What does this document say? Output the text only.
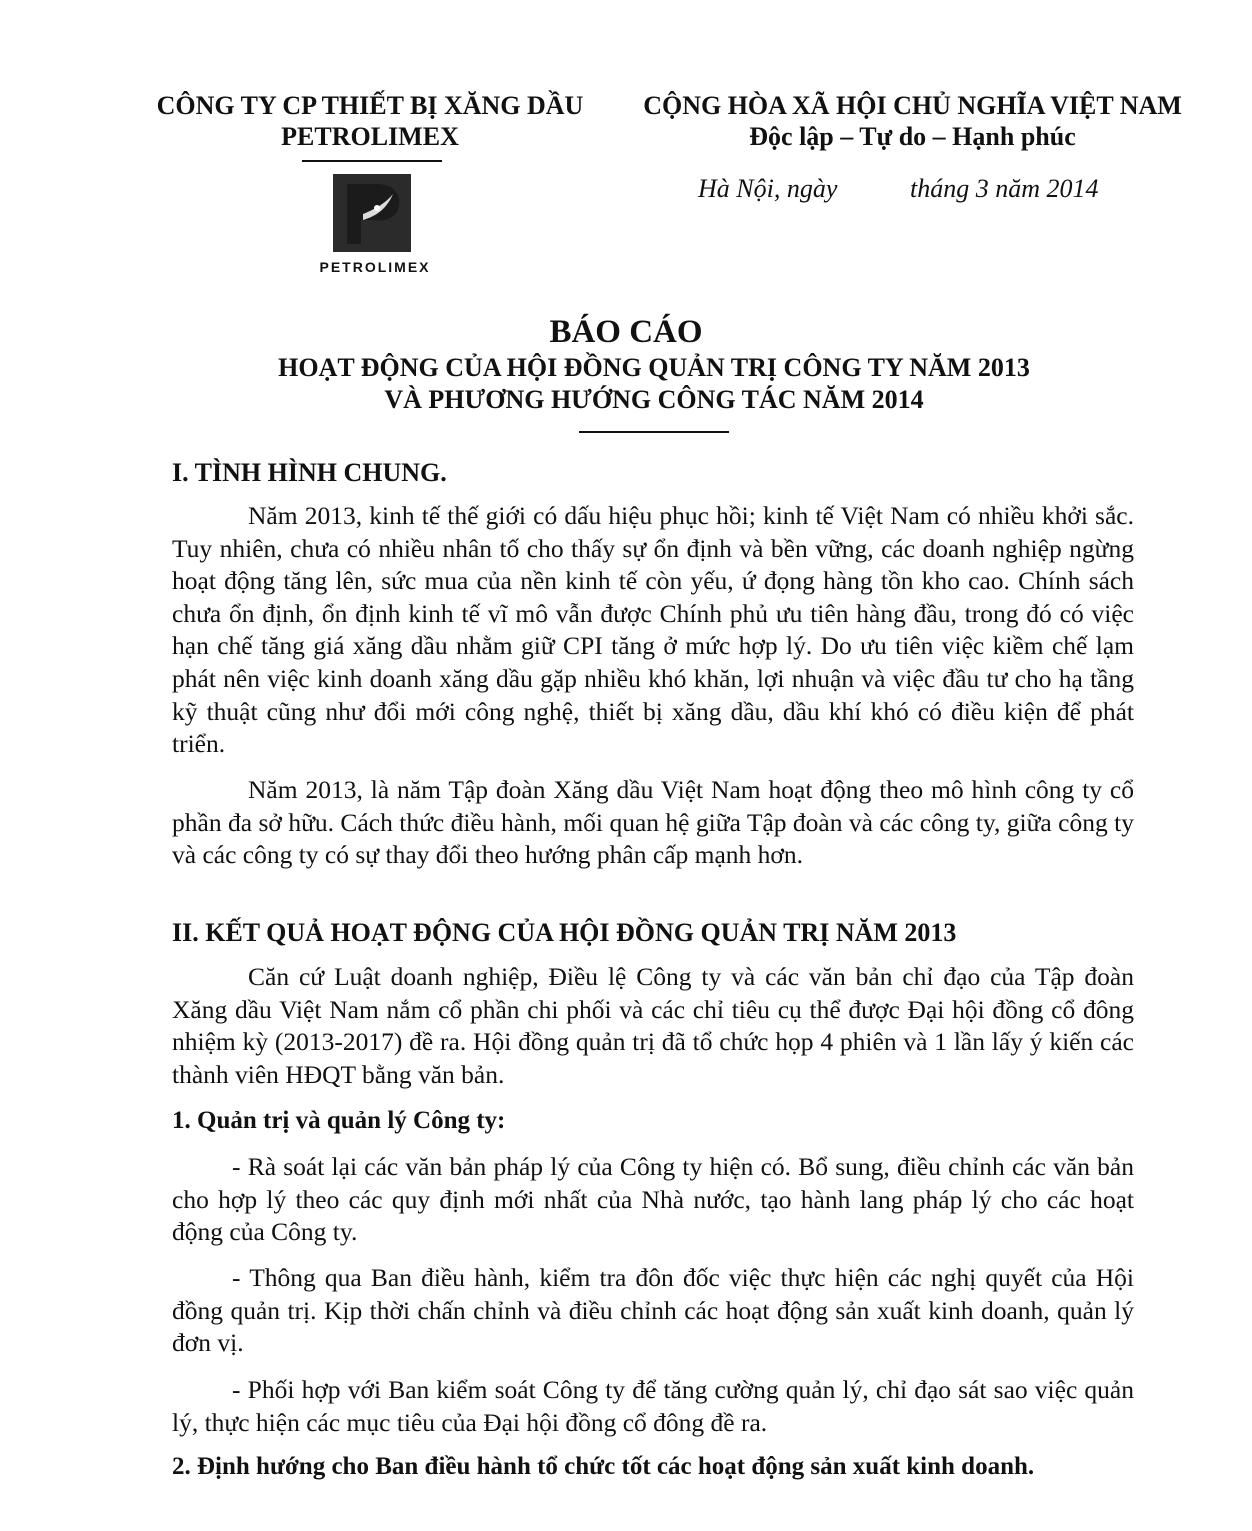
CÔNG TY CP THIẾT BỊ XĂNG DẦU
PETROLIMEX
PETROLIMEX
CỘNG HÒA XÃ HỘI CHỦ NGHĨA VIỆT NAM
Độc lập – Tự do – Hạnh phúc
Hà Nội, ngày	tháng 3 năm 2014
BÁO CÁO
HOẠT ĐỘNG CỦA HỘI ĐỒNG QUẢN TRỊ CÔNG TY NĂM 2013
VÀ PHƯƠNG HƯỚNG CÔNG TÁC NĂM 2014
I. TÌNH HÌNH CHUNG.
Năm 2013, kinh tế thế giới có dấu hiệu phục hồi; kinh tế Việt Nam có nhiều khởi sắc. Tuy nhiên, chưa có nhiều nhân tố cho thấy sự ổn định và bền vững, các doanh nghiệp ngừng hoạt động tăng lên, sức mua của nền kinh tế còn yếu, ứ đọng hàng tồn kho cao. Chính sách chưa ổn định, ổn định kinh tế vĩ mô vẫn được Chính phủ ưu tiên hàng đầu, trong đó có việc hạn chế tăng giá xăng dầu nhằm giữ CPI tăng ở mức hợp lý. Do ưu tiên việc kiềm chế lạm phát nên việc kinh doanh xăng dầu gặp nhiều khó khăn, lợi nhuận và việc đầu tư cho hạ tầng kỹ thuật cũng như đổi mới công nghệ, thiết bị xăng dầu, dầu khí khó có điều kiện để phát triển.
Năm 2013, là năm Tập đoàn Xăng dầu Việt Nam hoạt động theo mô hình công ty cổ phần đa sở hữu. Cách thức điều hành, mối quan hệ giữa Tập đoàn và các công ty, giữa công ty và các công ty có sự thay đổi theo hướng phân cấp mạnh hơn.
II. KẾT QUẢ HOẠT ĐỘNG CỦA HỘI ĐỒNG QUẢN TRỊ NĂM 2013
Căn cứ Luật doanh nghiệp, Điều lệ Công ty và các văn bản chỉ đạo của Tập đoàn Xăng dầu Việt Nam nắm cổ phần chi phối và các chỉ tiêu cụ thể được Đại hội đồng cổ đông nhiệm kỳ (2013-2017) đề ra. Hội đồng quản trị đã tổ chức họp 4 phiên và 1 lần lấy ý kiến các thành viên HĐQT bằng văn bản.
1. Quản trị và quản lý Công ty:
- Rà soát lại các văn bản pháp lý của Công ty hiện có. Bổ sung, điều chỉnh các văn bản cho hợp lý theo các quy định mới nhất của Nhà nước, tạo hành lang pháp lý cho các hoạt động của Công ty.
- Thông qua Ban điều hành, kiểm tra đôn đốc việc thực hiện các nghị quyết của Hội đồng quản trị. Kịp thời chấn chỉnh và điều chỉnh các hoạt động sản xuất kinh doanh, quản lý đơn vị.
- Phối hợp với Ban kiểm soát Công ty để tăng cường quản lý, chỉ đạo sát sao việc quản lý, thực hiện các mục tiêu của Đại hội đồng cổ đông đề ra.
2. Định hướng cho Ban điều hành tổ chức tốt các hoạt động sản xuất kinh doanh.
